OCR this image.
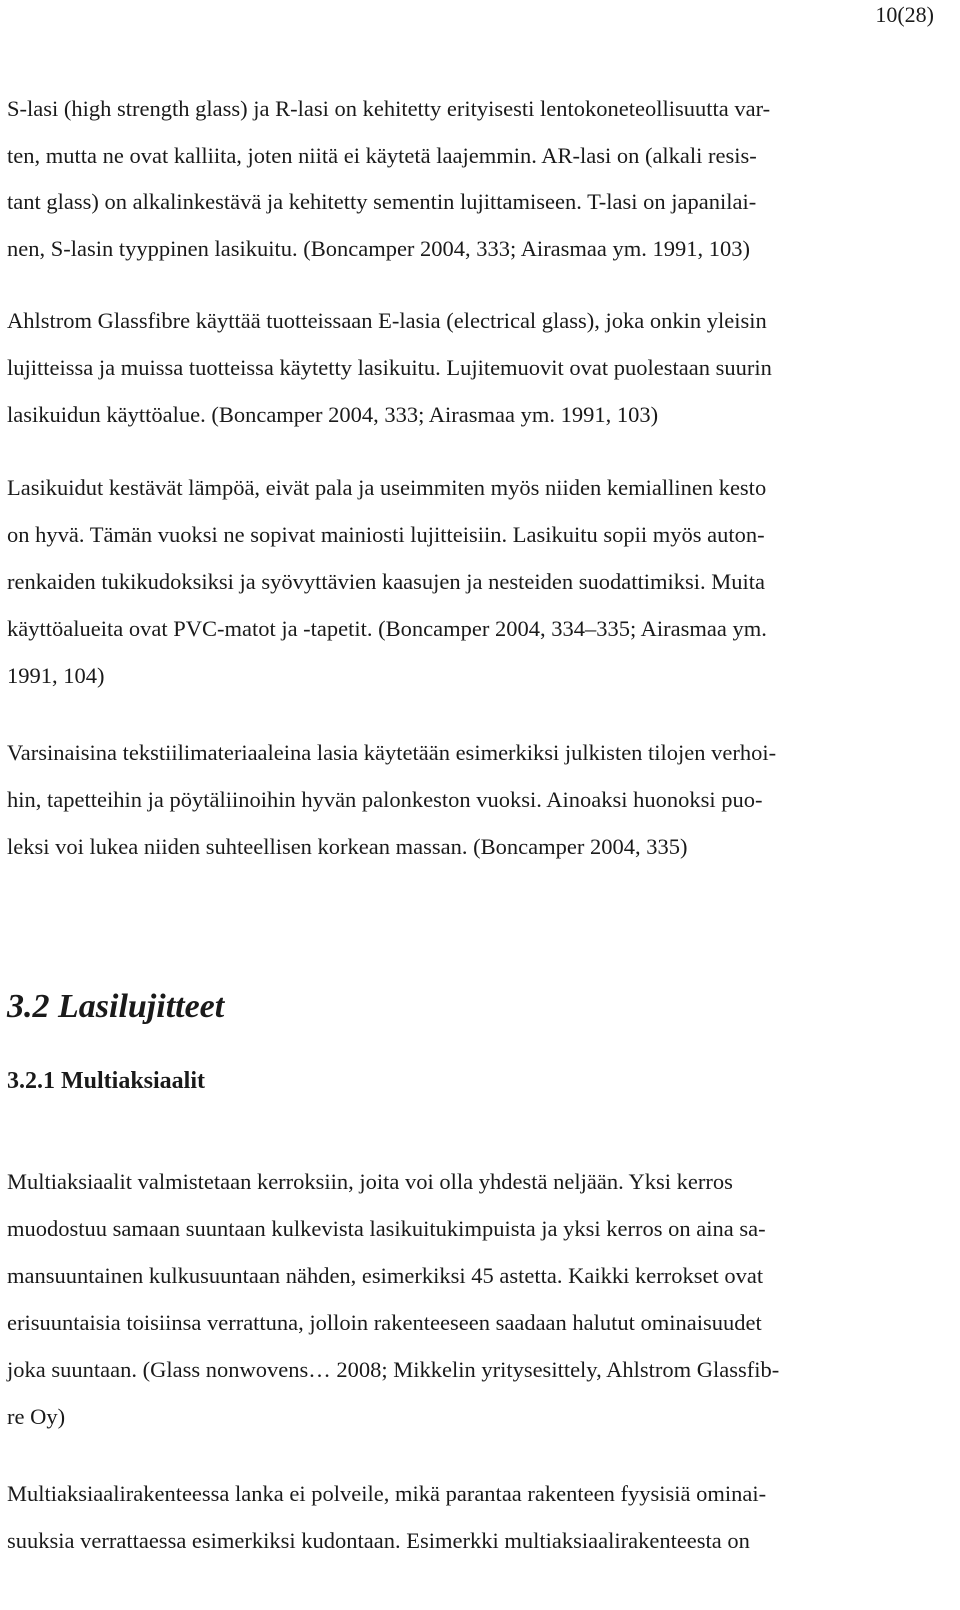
10(28)

S-lasi (high strength glass) ja R-lasi on kehitetty erityisesti lentokoneteollisuutta var-
ten, mutta ne ovat kalliita, joten niitä ei käytetä laajemmin. AR-lasi on (alkali resis-
tant glass) on alkalinkestävä ja kehitetty sementin lujittamiseen. T-lasi on japanilai-
nen, S-lasin tyyppinen lasikuitu. (Boncamper 2004, 333; Airasmaa ym. 1991, 103)

Ahlstrom Glassfibre käyttää tuotteissaan E-lasia (electrical glass), joka onkin yleisin
lujitteissa ja muissa tuotteissa käytetty lasikuitu. Lujitemuovit ovat puolestaan suurin
lasikuidun käyttöalue. (Boncamper 2004, 333; Airasmaa ym. 1991, 103)

Lasikuidut kestävät lämpöä, eivät pala ja useimmiten myös niiden kemiallinen kesto
on hyvä. Tämän vuoksi ne sopivat mainiosti lujitteisiin. Lasikuitu sopii myös auton-
renkaiden tukikudoksiksi ja syövyttävien kaasujen ja nesteiden suodattimiksi. Muita
käyttöalueita ovat PVC-matot ja -tapetit. (Boncamper 2004, 334–335; Airasmaa ym.
1991, 104)

Varsinaisina tekstiilimateriaaleina lasia käytetään esimerkiksi julkisten tilojen verhoi-
hin, tapetteihin ja pöytäliinoihin hyvän palonkeston vuoksi. Ainoaksi huonoksi puo-
leksi voi lukea niiden suhteellisen korkean massan. (Boncamper 2004, 335)

3.2 Lasilujitteet
3.2.1 Multiaksiaalit

Multiaksiaalit valmistetaan kerroksiin, joita voi olla yhdestä neljään. Yksi kerros
muodostuu samaan suuntaan kulkevista lasikuitukimpuista ja yksi kerros on aina sa-
mansuuntainen kulkusuuntaan nähden, esimerkiksi 45 astetta. Kaikki kerrokset ovat
erisuuntaisia toisiinsa verrattuna, jolloin rakenteeseen saadaan halutut ominaisuudet
joka suuntaan. (Glass nonwovens… 2008; Mikkelin yritysesittely, Ahlstrom Glassfib-
re Oy)

Multiaksiaalirakenteessa lanka ei polveile, mikä parantaa rakenteen fyysisiä ominai-
suuksia verrattaessa esimerkiksi kudontaan. Esimerkki multiaksiaalirakenteesta on
